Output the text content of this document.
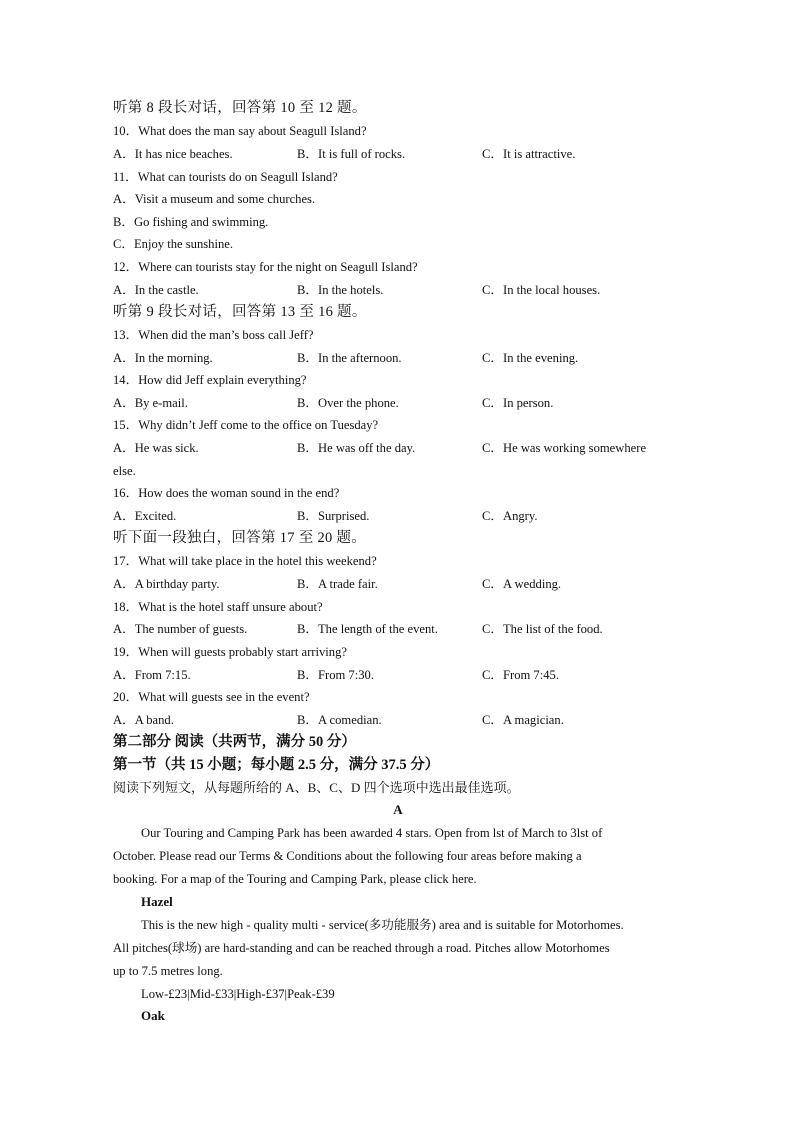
听第 8 段长对话，回答第 10 至 12 题。
10．What does the man say about Seagull Island?
A．It has nice beaches.	B．It is full of rocks.	C．It is attractive.
11．What can tourists do on Seagull Island?
A．Visit a museum and some churches.
B．Go fishing and swimming.
C．Enjoy the sunshine.
12．Where can tourists stay for the night on Seagull Island?
A．In the castle.	B．In the hotels.	C．In the local houses.
听第 9 段长对话，回答第 13 至 16 题。
13．When did the man’s boss call Jeff?
A．In the morning.	B．In the afternoon.	C．In the evening.
14．How did Jeff explain everything?
A．By e-mail.	B．Over the phone.	C．In person.
15．Why didn’t Jeff come to the office on Tuesday?
A．He was sick.	B．He was off the day.	C．He was working somewhere
else.
16．How does the woman sound in the end?
A．Excited.	B．Surprised.	C．Angry.
听下面一段独白，回答第 17 至 20 题。
17．What will take place in the hotel this weekend?
A．A birthday party.	B．A trade fair.	C．A wedding.
18．What is the hotel staff unsure about?
A．The number of guests.	B．The length of the event.	C．The list of the food.
19．When will guests probably start arriving?
A．From 7:15.	B．From 7:30.	C．From 7:45.
20．What will guests see in the event?
A．A band.	B．A comedian.	C．A magician.
第二部分 阅读（共两节，满分 50 分）
第一节（共 15 小题；每小题 2.5 分，满分 37.5 分）
阅读下列短文，从每题所给的 A、B、C、D 四个选项中选出最佳选项。
A
Our Touring and Camping Park has been awarded 4 stars. Open from lst of March to 3lst of
October. Please read our Terms & Conditions about the following four areas before making a
booking. For a map of the Touring and Camping Park, please click here.
Hazel
This is the new high - quality multi - service(多功能服务) area and is suitable for Motorhomes.
All pitches(球场) are hard-standing and can be reached through a road. Pitches allow Motorhomes
up to 7.5 metres long.
Low-£23|Mid-£33|High-£37|Peak-£39
Oak
